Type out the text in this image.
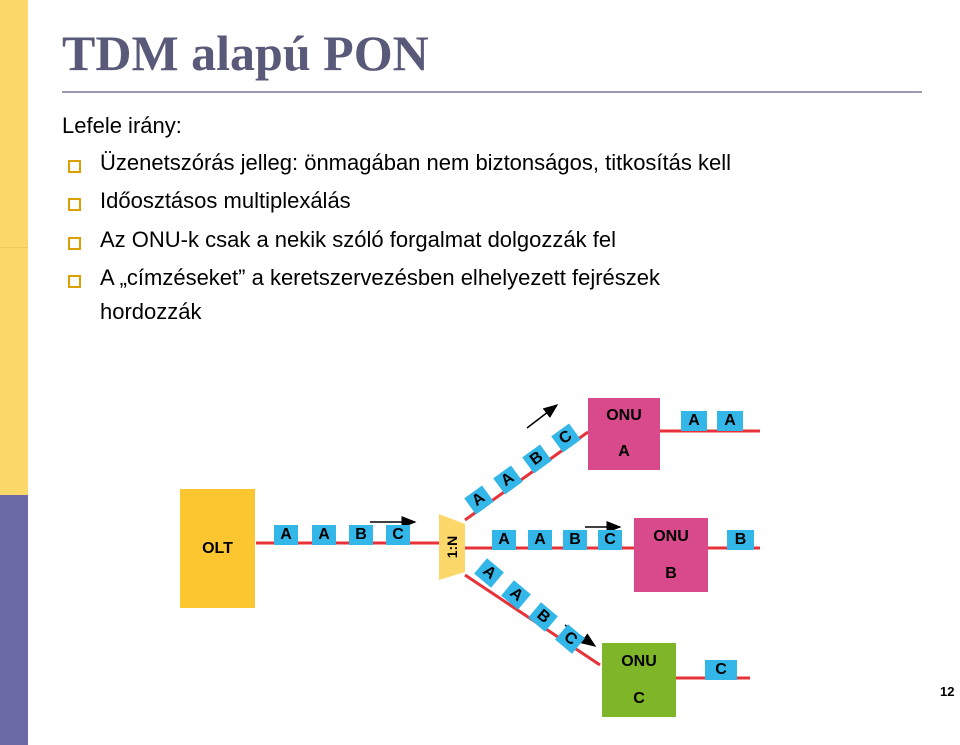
TDM alapú PON
Lefele irány:
Üzenetszórás jelleg: önmagában nem biztonságos, titkosítás kell
Időosztásos multiplexálás
Az ONU-k csak a nekik szóló forgalmat dolgozzák fel
A „címzéseket” a keretszervezésben elhelyezett fejrészek
hordozzák
1:N
OLT
A	A	B	C
A
A
B
C
A	A	B	C
A
A
B
C
ONU
A
A	A
ONU
B
B
ONU
C
C
12
